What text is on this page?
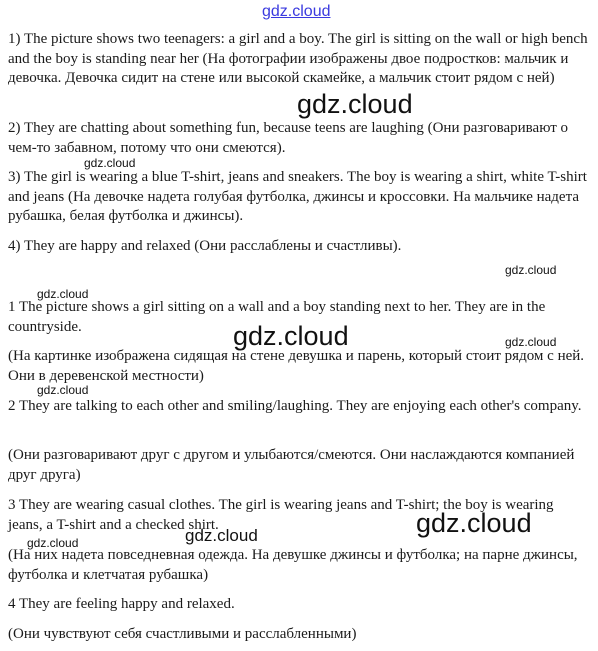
1) The picture shows two teenagers: a girl and a boy. The girl is sitting on the wall or high bench and the boy is standing near her (На фотографии изображены двое подростков: мальчик и девочка. Девочка сидит на стене или высокой скамейке, а мальчик стоит рядом с ней)

2) They are chatting about something fun, because teens are laughing (Они разговаривают о чем-то забавном, потому что они смеются).

3) The girl is wearing a blue T-shirt, jeans and sneakers. The boy is wearing a shirt, white T-shirt and jeans (На девочке надета голубая футболка, джинсы и кроссовки. На мальчике надета рубашка, белая футболка и джинсы).

4) They are happy and relaxed (Они расслаблены и счастливы).

1 The picture shows a girl sitting on a wall and a boy standing next to her. They are in the countryside.

(На картинке изображена сидящая на стене девушка и парень, который стоит рядом с ней. Они в деревенской местности)

2 They are talking to each other and smiling/laughing. They are enjoying each other's company.

(Они разговаривают друг с другом и улыбаются/смеются. Они наслаждаются компанией друг друга)

3 They are wearing casual clothes. The girl is wearing jeans and T-shirt; the boy is wearing jeans, a T-shirt and a checked shirt.

(На них надета повседневная одежда. На девушке джинсы и футболка; на парне джинсы, футболка и клетчатая рубашка)

4 They are feeling happy and relaxed.

(Они чувствуют себя счастливыми и расслабленными)

gdz.cloud
gdz.cloud
gdz.cloud
gdz.cloud
gdz.cloud
gdz.cloud	gdz.cloud
gdz.cloud
gdz.cloud
gdz.cloud
gdz.cloud
